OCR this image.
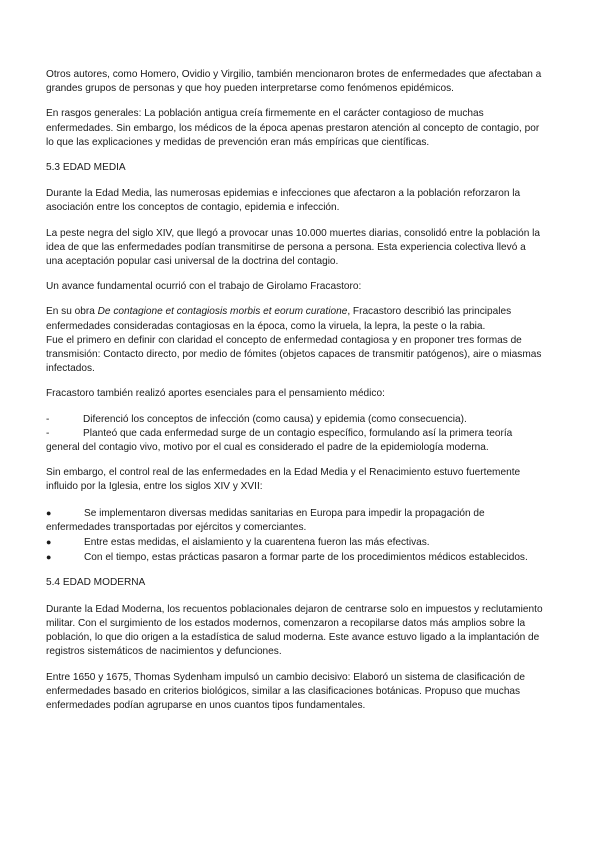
Otros autores, como Homero, Ovidio y Virgilio, también mencionaron brotes de enfermedades que afectaban a grandes grupos de personas y que hoy pueden interpretarse como fenómenos epidémicos.

En rasgos generales: La población antigua creía firmemente en el carácter contagioso de muchas enfermedades. Sin embargo, los médicos de la época apenas prestaron atención al concepto de contagio, por lo que las explicaciones y medidas de prevención eran más empíricas que científicas.

5.3 EDAD MEDIA

Durante la Edad Media, las numerosas epidemias e infecciones que afectaron a la población reforzaron la asociación entre los conceptos de contagio, epidemia e infección.

La peste negra del siglo XIV, que llegó a provocar unas 10.000 muertes diarias, consolidó entre la población la idea de que las enfermedades podían transmitirse de persona a persona. Esta experiencia colectiva llevó a una aceptación popular casi universal de la doctrina del contagio.

Un avance fundamental ocurrió con el trabajo de Girolamo Fracastoro:

En su obra De contagione et contagiosis morbis et eorum curatione, Fracastoro describió las principales enfermedades consideradas contagiosas en la época, como la viruela, la lepra, la peste o la rabia.
Fue el primero en definir con claridad el concepto de enfermedad contagiosa y en proponer tres formas de transmisión: Contacto directo, por medio de fómites (objetos capaces de transmitir patógenos), aire o miasmas infectados.

Fracastoro también realizó aportes esenciales para el pensamiento médico:

-	Diferenció los conceptos de infección (como causa) y epidemia (como consecuencia).
-	Planteó que cada enfermedad surge de un contagio específico, formulando así la primera teoría general del contagio vivo, motivo por el cual es considerado el padre de la epidemiología moderna.

Sin embargo, el control real de las enfermedades en la Edad Media y el Renacimiento estuvo fuertemente influido por la Iglesia, entre los siglos XIV y XVII:

●	Se implementaron diversas medidas sanitarias en Europa para impedir la propagación de enfermedades transportadas por ejércitos y comerciantes.
●	Entre estas medidas, el aislamiento y la cuarentena fueron las más efectivas.
●	Con el tiempo, estas prácticas pasaron a formar parte de los procedimientos médicos establecidos.

5.4 EDAD MODERNA

Durante la Edad Moderna, los recuentos poblacionales dejaron de centrarse solo en impuestos y reclutamiento militar. Con el surgimiento de los estados modernos, comenzaron a recopilarse datos más amplios sobre la población, lo que dio origen a la estadística de salud moderna. Este avance estuvo ligado a la implantación de registros sistemáticos de nacimientos y defunciones.

Entre 1650 y 1675, Thomas Sydenham impulsó un cambio decisivo: Elaboró un sistema de clasificación de enfermedades basado en criterios biológicos, similar a las clasificaciones botánicas. Propuso que muchas enfermedades podían agruparse en unos cuantos tipos fundamentales.
